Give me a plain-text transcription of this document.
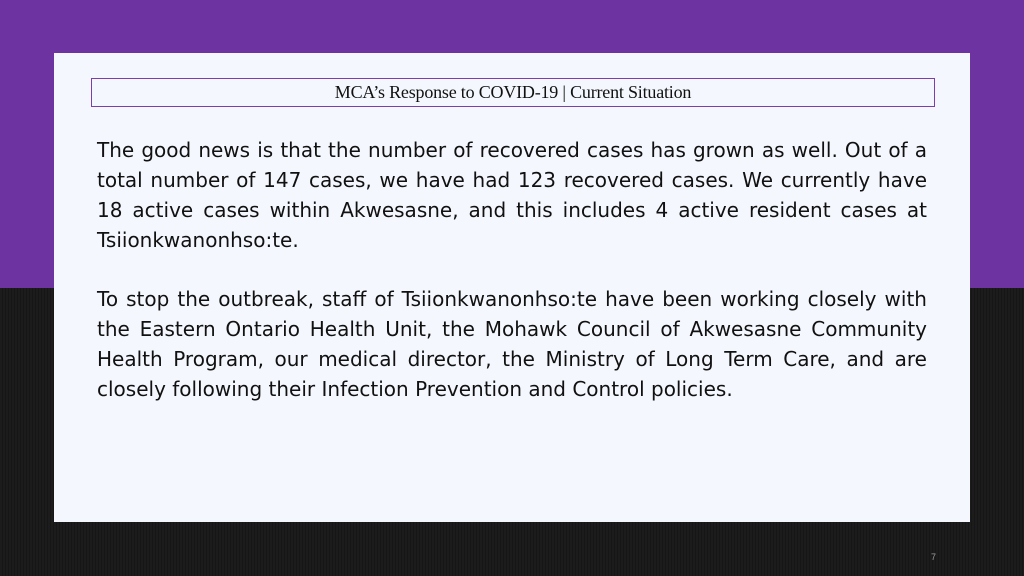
MCA’s Response to COVID-19 | Current Situation

The good news is that the number of recovered cases has grown as well. Out of a total number of 147 cases, we have had 123 recovered cases. We currently have 18 active cases within Akwesasne, and this includes 4 active resident cases at Tsiionkwanonhso:te.

To stop the outbreak, staff of Tsiionkwanonhso:te have been working closely with the Eastern Ontario Health Unit, the Mohawk Council of Akwesasne Community Health Program, our medical director, the Ministry of Long Term Care, and are closely following their Infection Prevention and Control policies.

7
